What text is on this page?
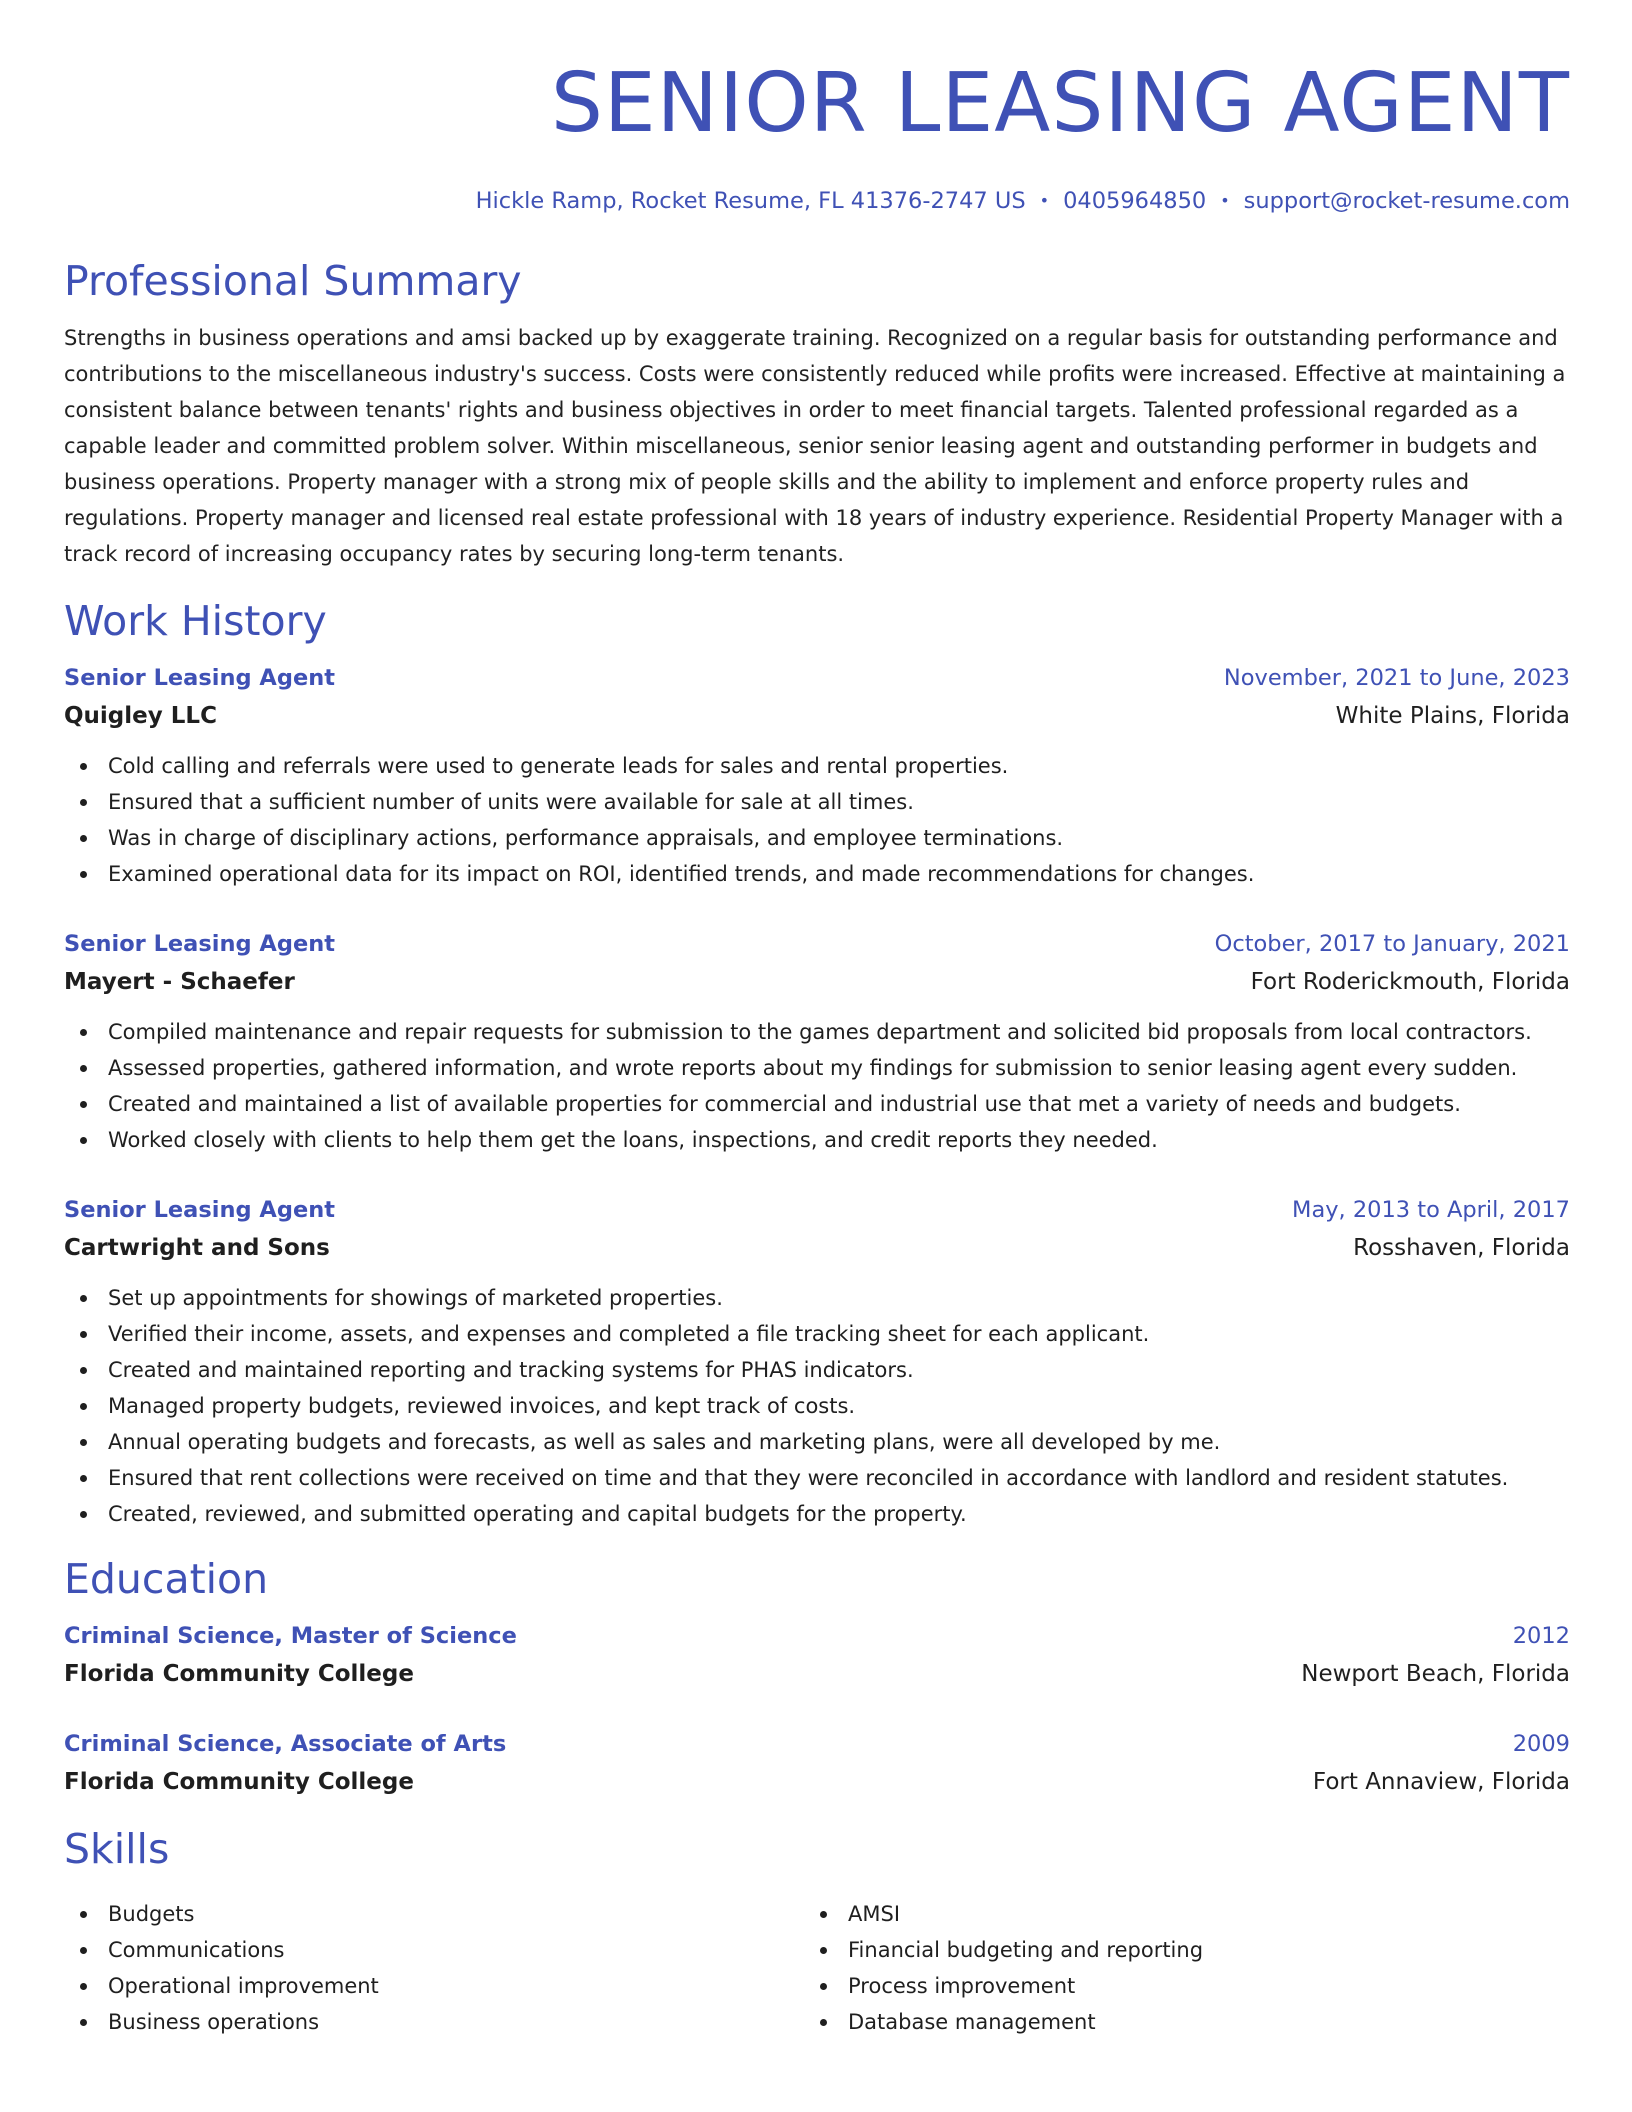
SENIOR LEASING AGENT
Hickle Ramp, Rocket Resume, FL 41376-2747 US • 0405964850 • support@rocket-resume.com
Professional Summary
Strengths in business operations and amsi backed up by exaggerate training. Recognized on a regular basis for outstanding performance and contributions to the miscellaneous industry's success. Costs were consistently reduced while profits were increased. Effective at maintaining a consistent balance between tenants' rights and business objectives in order to meet financial targets. Talented professional regarded as a capable leader and committed problem solver. Within miscellaneous, senior senior leasing agent and outstanding performer in budgets and business operations. Property manager with a strong mix of people skills and the ability to implement and enforce property rules and regulations. Property manager and licensed real estate professional with 18 years of industry experience. Residential Property Manager with a track record of increasing occupancy rates by securing long-term tenants.
Work History
Senior Leasing Agent	November, 2021 to June, 2023
Quigley LLC	White Plains, Florida
Cold calling and referrals were used to generate leads for sales and rental properties.
Ensured that a sufficient number of units were available for sale at all times.
Was in charge of disciplinary actions, performance appraisals, and employee terminations.
Examined operational data for its impact on ROI, identified trends, and made recommendations for changes.
Senior Leasing Agent	October, 2017 to January, 2021
Mayert - Schaefer	Fort Roderickmouth, Florida
Compiled maintenance and repair requests for submission to the games department and solicited bid proposals from local contractors.
Assessed properties, gathered information, and wrote reports about my findings for submission to senior leasing agent every sudden.
Created and maintained a list of available properties for commercial and industrial use that met a variety of needs and budgets.
Worked closely with clients to help them get the loans, inspections, and credit reports they needed.
Senior Leasing Agent	May, 2013 to April, 2017
Cartwright and Sons	Rosshaven, Florida
Set up appointments for showings of marketed properties.
Verified their income, assets, and expenses and completed a file tracking sheet for each applicant.
Created and maintained reporting and tracking systems for PHAS indicators.
Managed property budgets, reviewed invoices, and kept track of costs.
Annual operating budgets and forecasts, as well as sales and marketing plans, were all developed by me.
Ensured that rent collections were received on time and that they were reconciled in accordance with landlord and resident statutes.
Created, reviewed, and submitted operating and capital budgets for the property.
Education
Criminal Science, Master of Science	2012
Florida Community College	Newport Beach, Florida
Criminal Science, Associate of Arts	2009
Florida Community College	Fort Annaview, Florida
Skills
Budgets
Communications
Operational improvement
Business operations
AMSI
Financial budgeting and reporting
Process improvement
Database management
